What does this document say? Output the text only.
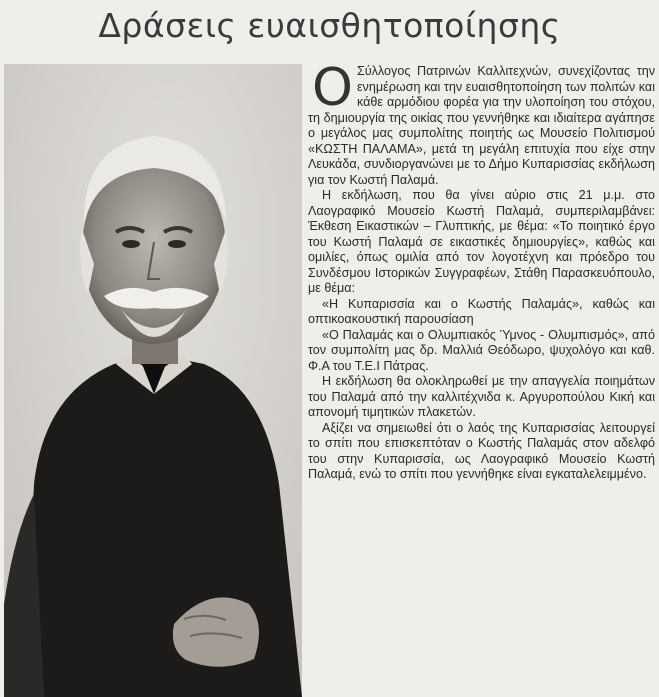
Δράσεις ευαισθητοποίησης

Ο Σύλλογος Πατρινών Καλλιτεχνών, συνεχίζοντας την ενημέρωση και την ευαισθητοποίηση των πολιτών και κάθε αρμόδιου φορέα για την υλοποίηση του στόχου, τη δημιουργία της οικίας που γεννήθηκε και ιδιαίτερα αγάπησε ο μεγάλος μας συμπολίτης ποιητής ως Μουσείο Πολιτισμού «ΚΩΣΤΗ ΠΑΛΑΜΑ», μετά τη μεγάλη επιτυχία που είχε στην Λευκάδα, συνδιοργανώνει με το Δήμο Κυπαρισσίας εκδήλωση για τον Κωστή Παλαμά.

Η εκδήλωση, που θα γίνει αύριο στις 21 μ.μ. στο Λαογραφικό Μουσείο Κωστή Παλαμά, συμπεριλαμβάνει: Έκθεση Εικαστικών – Γλυπτικής, με θέμα: «Το ποιητικό έργο του Κωστή Παλαμά σε εικαστικές δημιουργίες», καθώς και ομιλίες, όπως ομιλία από τον λογοτέχνη και πρόεδρο του Συνδέσμου Ιστορικών Συγγραφέων, Στάθη Παρασκευόπουλο, με θέμα:

«Η Κυπαρισσία και ο Κωστής Παλαμάς», καθώς και οπτικοακουστική παρουσίαση

«Ο Παλαμάς και ο Ολυμπιακός Ύμνος - Ολυμπισμός», από τον συμπολίτη μας δρ. Μαλλιά Θεόδωρο, ψυχολόγο και καθ. Φ.Α του Τ.Ε.Ι Πάτρας.

Η εκδήλωση θα ολοκληρωθεί με την απαγγελία ποιημάτων του Παλαμά από την καλλιτέχνιδα κ. Αργυροπούλου Κική και απονομή τιμητικών πλακετών.

Αξίζει να σημειωθεί ότι ο λαός της Κυπαρισσίας λειτουργεί το σπίτι που επισκεπτόταν ο Κωστής Παλαμάς στον αδελφό του στην Κυπαρισσία, ως Λαογραφικό Μουσείο Κωστή Παλαμά, ενώ το σπίτι που γεννήθηκε είναι εγκαταλελειμμένο.
